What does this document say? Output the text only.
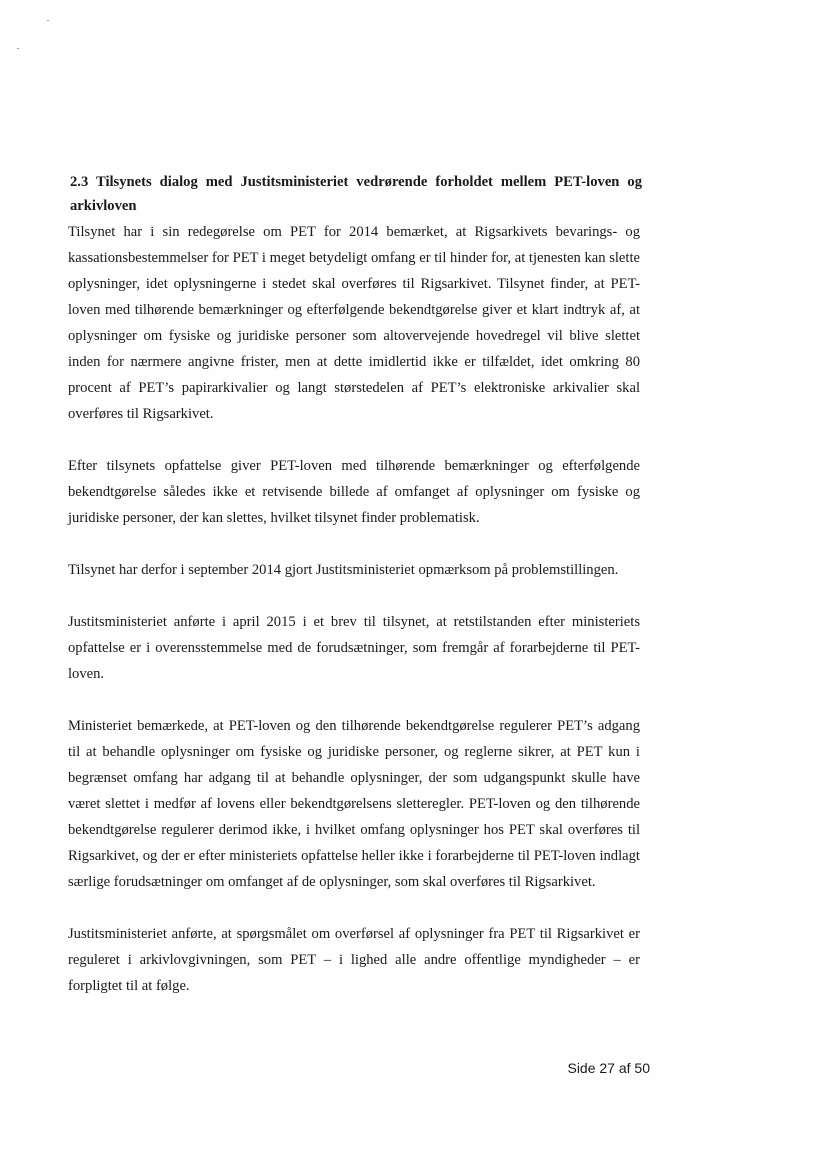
2.3 Tilsynets dialog med Justitsministeriet vedrørende forholdet mellem PET-loven og arkivloven

Tilsynet har i sin redegørelse om PET for 2014 bemærket, at Rigsarkivets bevarings- og kassationsbestemmelser for PET i meget betydeligt omfang er til hinder for, at tjenesten kan slette oplysninger, idet oplysningerne i stedet skal overføres til Rigsarkivet. Tilsynet finder, at PET-loven med tilhørende bemærkninger og efterfølgende bekendtgørelse giver et klart indtryk af, at oplysninger om fysiske og juridiske personer som altovervejende hovedregel vil blive slettet inden for nærmere angivne frister, men at dette imidlertid ikke er tilfældet, idet omkring 80 procent af PET’s papirarkivalier og langt størstedelen af PET’s elektroniske arkivalier skal overføres til Rigsarkivet.

Efter tilsynets opfattelse giver PET-loven med tilhørende bemærkninger og efterfølgende bekendtgørelse således ikke et retvisende billede af omfanget af oplysninger om fysiske og juridiske personer, der kan slettes, hvilket tilsynet finder problematisk.

Tilsynet har derfor i september 2014 gjort Justitsministeriet opmærksom på problemstillingen.

Justitsministeriet anførte i april 2015 i et brev til tilsynet, at retstilstanden efter ministeriets opfattelse er i overensstemmelse med de forudsætninger, som fremgår af forarbejderne til PET-loven.

Ministeriet bemærkede, at PET-loven og den tilhørende bekendtgørelse regulerer PET’s adgang til at behandle oplysninger om fysiske og juridiske personer, og reglerne sikrer, at PET kun i begrænset omfang har adgang til at behandle oplysninger, der som udgangspunkt skulle have været slettet i medfør af lovens eller bekendtgørelsens sletteregler. PET-loven og den tilhørende bekendtgørelse regulerer derimod ikke, i hvilket omfang oplysninger hos PET skal overføres til Rigsarkivet, og der er efter ministeriets opfattelse heller ikke i forarbejderne til PET-loven indlagt særlige forudsætninger om omfanget af de oplysninger, som skal overføres til Rigsarkivet.

Justitsministeriet anførte, at spørgsmålet om overførsel af oplysninger fra PET til Rigsarkivet er reguleret i arkivlovgivningen, som PET – i lighed alle andre offentlige myndigheder – er forpligtet til at følge.

Side 27 af 50
